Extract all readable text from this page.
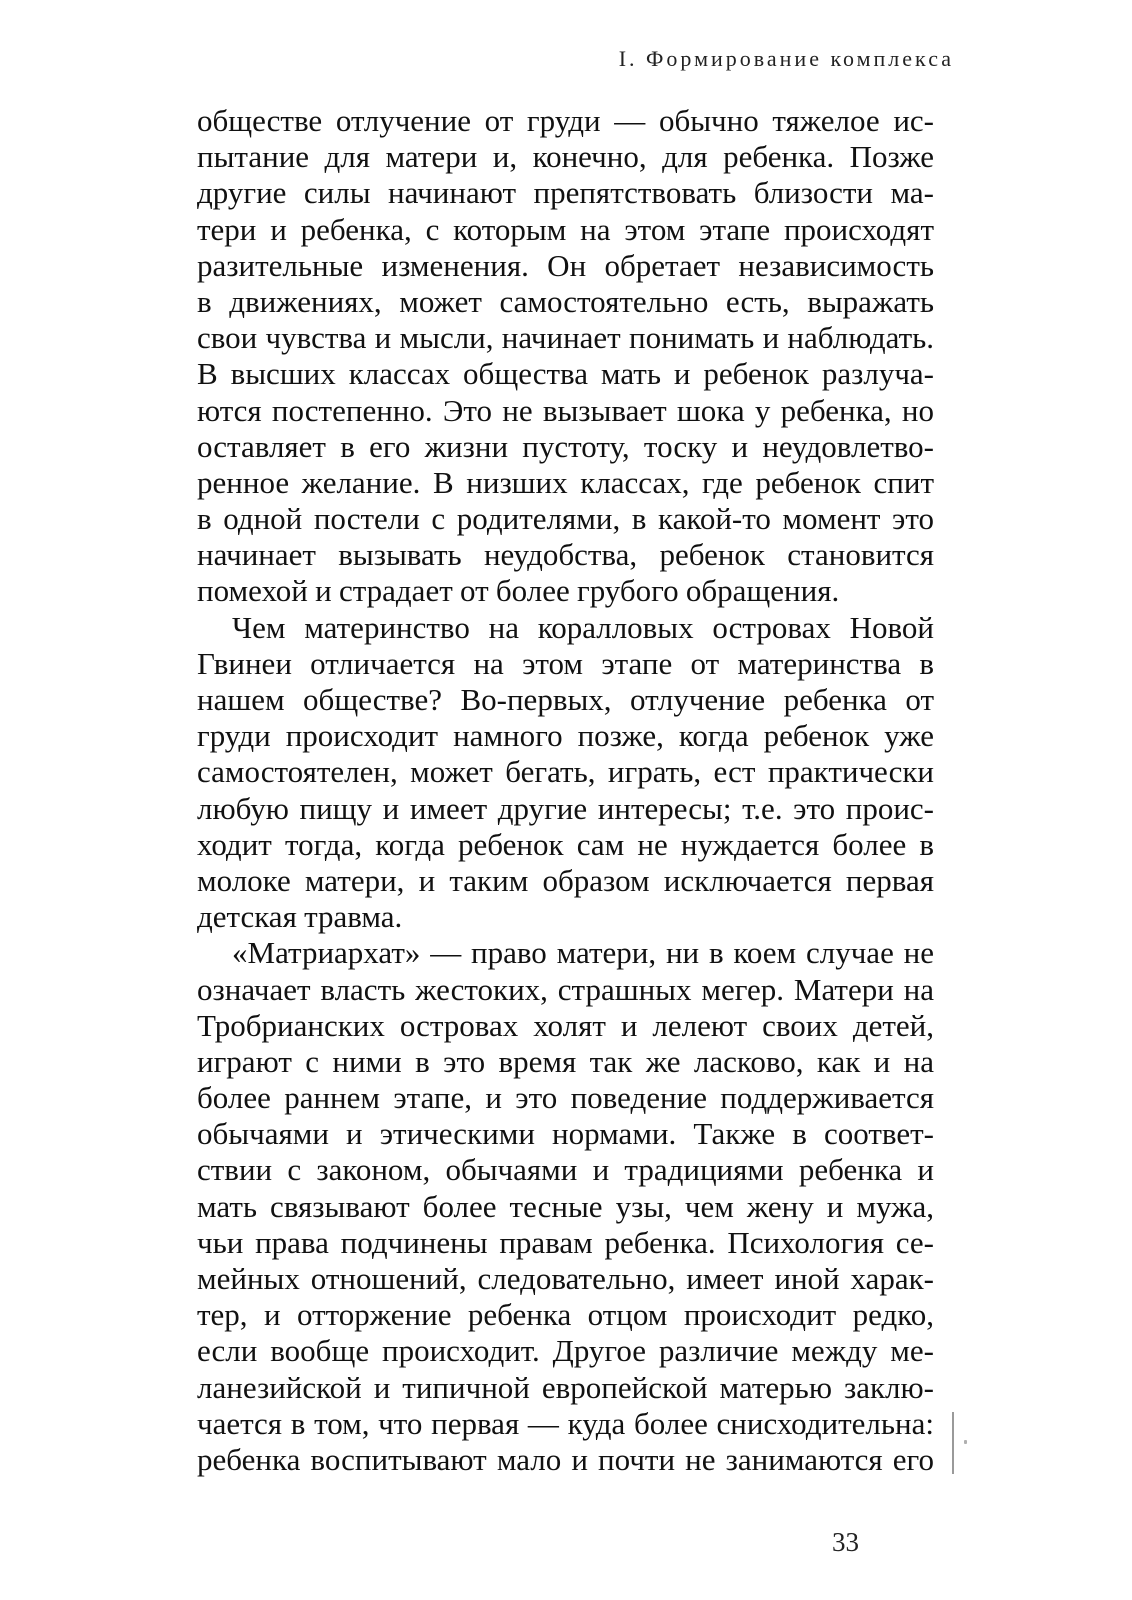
I. Формирование комплекса
обществе отлучение от груди — обычно тяжелое ис-
пытание для матери и, конечно, для ребенка. Позже
другие силы начинают препятствовать близости ма-
тери и ребенка, с которым на этом этапе происходят
разительные изменения. Он обретает независимость
в движениях, может самостоятельно есть, выражать
свои чувства и мысли, начинает понимать и наблюдать.
В высших классах общества мать и ребенок разлуча-
ются постепенно. Это не вызывает шока у ребенка, но
оставляет в его жизни пустоту, тоску и неудовлетво-
ренное желание. В низших классах, где ребенок спит
в одной постели с родителями, в какой-то момент это
начинает вызывать неудобства, ребенок становится
помехой и страдает от более грубого обращения.
Чем материнство на коралловых островах Новой
Гвинеи отличается на этом этапе от материнства в
нашем обществе? Во-первых, отлучение ребенка от
груди происходит намного позже, когда ребенок уже
самостоятелен, может бегать, играть, ест практически
любую пищу и имеет другие интересы; т.е. это проис-
ходит тогда, когда ребенок сам не нуждается более в
молоке матери, и таким образом исключается первая
детская травма.
«Матриархат» — право матери, ни в коем случае не
означает власть жестоких, страшных мегер. Матери на
Тробрианских островах холят и лелеют своих детей,
играют с ними в это время так же ласково, как и на
более раннем этапе, и это поведение поддерживается
обычаями и этическими нормами. Также в соответ-
ствии с законом, обычаями и традициями ребенка и
мать связывают более тесные узы, чем жену и мужа,
чьи права подчинены правам ребенка. Психология се-
мейных отношений, следовательно, имеет иной харак-
тер, и отторжение ребенка отцом происходит редко,
если вообще происходит. Другое различие между ме-
ланезийской и типичной европейской матерью заклю-
чается в том, что первая — куда более снисходительна:
ребенка воспитывают мало и почти не занимаются его
33
